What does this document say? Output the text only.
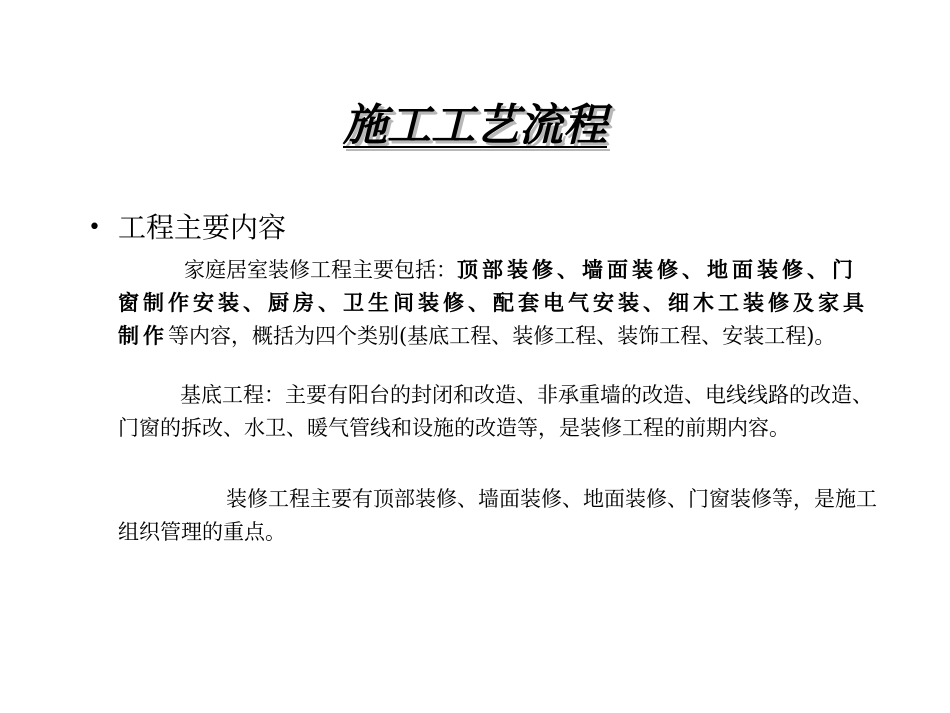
施工工艺流程
• 工程主要内容

家庭居室装修工程主要包括：顶部装修、墙面装修、地面装修、门窗制作安装、厨房、卫生间装修、配套电气安装、细木工装修及家具制作等内容，概括为四个类别(基底工程、装修工程、装饰工程、安装工程)。

基底工程：主要有阳台的封闭和改造、非承重墙的改造、电线线路的改造、门窗的拆改、水卫、暖气管线和设施的改造等，是装修工程的前期内容。

装修工程主要有顶部装修、墙面装修、地面装修、门窗装修等，是施工组织管理的重点。
